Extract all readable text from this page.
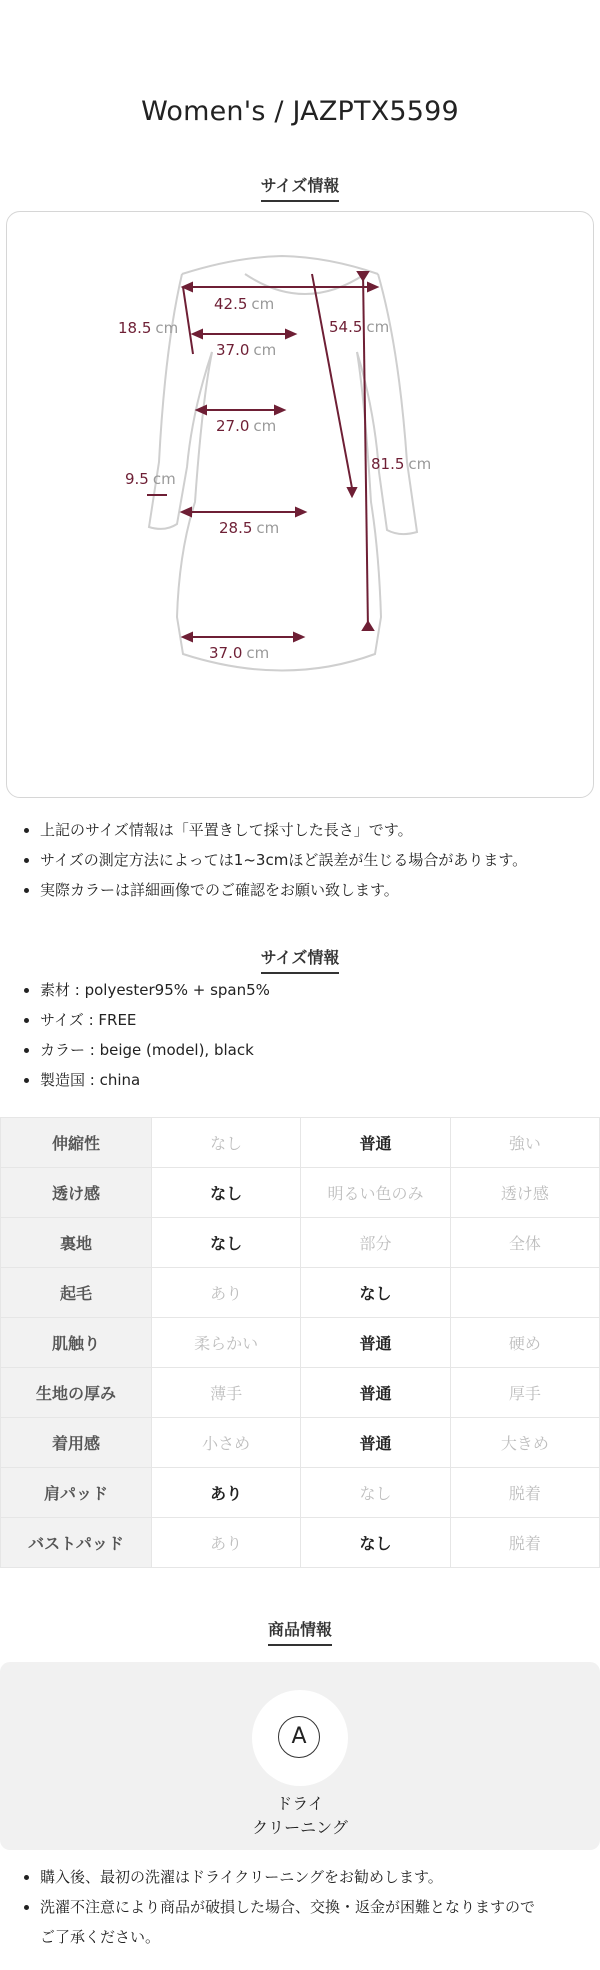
Women's / JAZPTX5599
サイズ情報
42.5 cm
18.5 cm	54.5 cm
37.0 cm
27.0 cm
81.5 cm
9.5 cm
28.5 cm
37.0 cm
• 上記のサイズ情報は「平置きして採寸した長さ」です。
• サイズの測定方法によっては1~3cmほど誤差が生じる場合があります。
• 実際カラーは詳細画像でのご確認をお願い致します。
サイズ情報
• 素材 : polyester95% + span5%
• サイズ : FREE
• カラー : beige (model), black
• 製造国 : china
伸縮性	なし	普通	強い
透け感	なし	明るい色のみ	透け感
裏地	なし	部分	全体
起毛	あり	なし	
肌触り	柔らかい	普通	硬め
生地の厚み	薄手	普通	厚手
着用感	小さめ	普通	大きめ
肩パッド	あり	なし	脱着
バストパッド	あり	なし	脱着
商品情報
A
ドライ
クリーニング
• 購入後、最初の洗濯はドライクリーニングをお勧めします。
• 洗濯不注意により商品が破損した場合、交換・返金が困難となりますので
ご了承ください。
